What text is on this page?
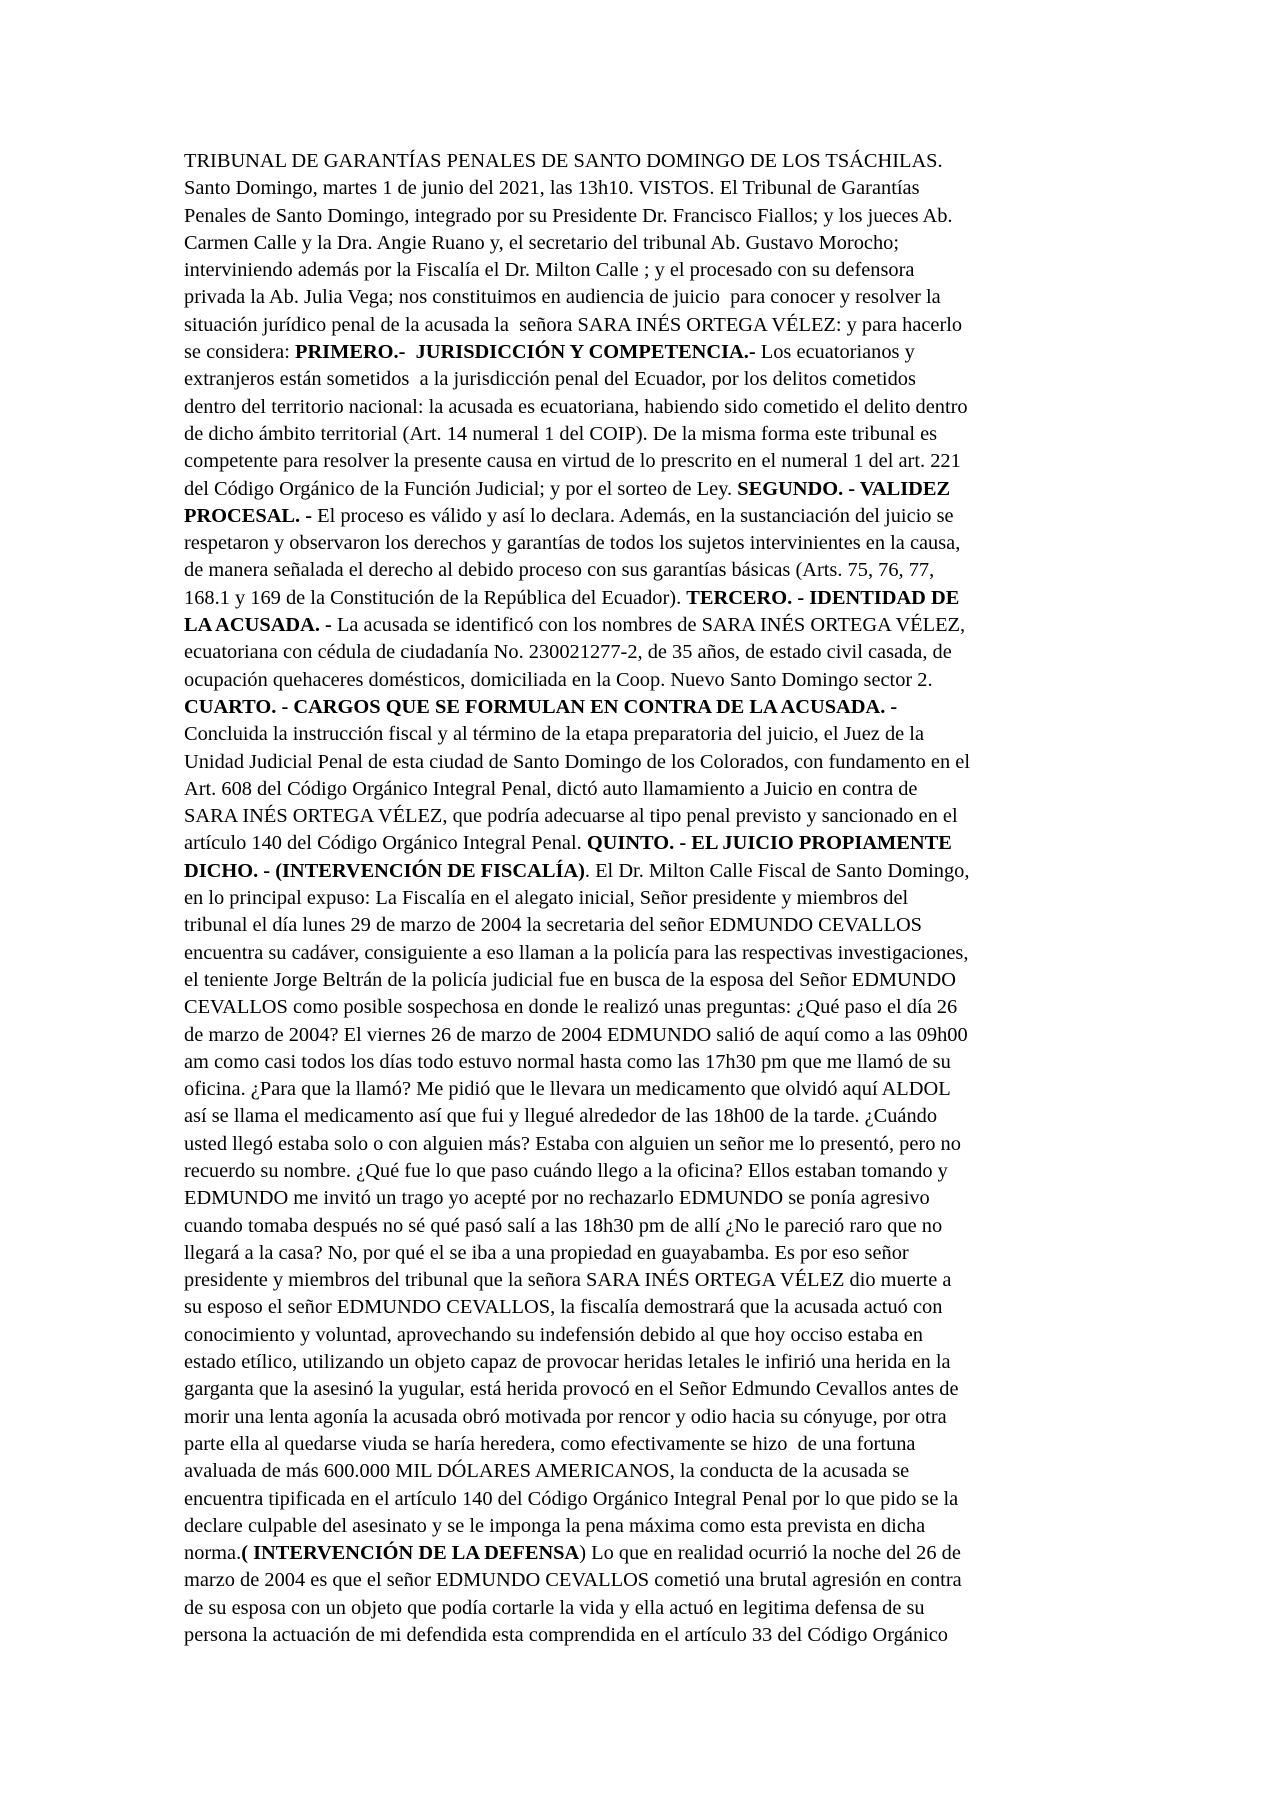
TRIBUNAL DE GARANTÍAS PENALES DE SANTO DOMINGO DE LOS TSÁCHILAS.
Santo Domingo, martes 1 de junio del 2021, las 13h10. VISTOS. El Tribunal de Garantías
Penales de Santo Domingo, integrado por su Presidente Dr. Francisco Fiallos; y los jueces Ab.
Carmen Calle y la Dra. Angie Ruano y, el secretario del tribunal Ab. Gustavo Morocho;
interviniendo además por la Fiscalía el Dr. Milton Calle ; y el procesado con su defensora
privada la Ab. Julia Vega; nos constituimos en audiencia de juicio  para conocer y resolver la
situación jurídico penal de la acusada la  señora SARA INÉS ORTEGA VÉLEZ: y para hacerlo
se considera: PRIMERO.-  JURISDICCIÓN Y COMPETENCIA.- Los ecuatorianos y
extranjeros están sometidos  a la jurisdicción penal del Ecuador, por los delitos cometidos
dentro del territorio nacional: la acusada es ecuatoriana, habiendo sido cometido el delito dentro
de dicho ámbito territorial (Art. 14 numeral 1 del COIP). De la misma forma este tribunal es
competente para resolver la presente causa en virtud de lo prescrito en el numeral 1 del art. 221
del Código Orgánico de la Función Judicial; y por el sorteo de Ley. SEGUNDO. - VALIDEZ
PROCESAL. - El proceso es válido y así lo declara. Además, en la sustanciación del juicio se
respetaron y observaron los derechos y garantías de todos los sujetos intervinientes en la causa,
de manera señalada el derecho al debido proceso con sus garantías básicas (Arts. 75, 76, 77,
168.1 y 169 de la Constitución de la República del Ecuador). TERCERO. - IDENTIDAD DE
LA ACUSADA. - La acusada se identificó con los nombres de SARA INÉS ORTEGA VÉLEZ,
ecuatoriana con cédula de ciudadanía No. 230021277-2, de 35 años, de estado civil casada, de
ocupación quehaceres domésticos, domiciliada en la Coop. Nuevo Santo Domingo sector 2.
CUARTO. - CARGOS QUE SE FORMULAN EN CONTRA DE LA ACUSADA. -
Concluida la instrucción fiscal y al término de la etapa preparatoria del juicio, el Juez de la
Unidad Judicial Penal de esta ciudad de Santo Domingo de los Colorados, con fundamento en el
Art. 608 del Código Orgánico Integral Penal, dictó auto llamamiento a Juicio en contra de
SARA INÉS ORTEGA VÉLEZ, que podría adecuarse al tipo penal previsto y sancionado en el
artículo 140 del Código Orgánico Integral Penal. QUINTO. - EL JUICIO PROPIAMENTE
DICHO. - (INTERVENCIÓN DE FISCALÍA). El Dr. Milton Calle Fiscal de Santo Domingo,
en lo principal expuso: La Fiscalía en el alegato inicial, Señor presidente y miembros del
tribunal el día lunes 29 de marzo de 2004 la secretaria del señor EDMUNDO CEVALLOS
encuentra su cadáver, consiguiente a eso llaman a la policía para las respectivas investigaciones,
el teniente Jorge Beltrán de la policía judicial fue en busca de la esposa del Señor EDMUNDO
CEVALLOS como posible sospechosa en donde le realizó unas preguntas: ¿Qué paso el día 26
de marzo de 2004? El viernes 26 de marzo de 2004 EDMUNDO salió de aquí como a las 09h00
am como casi todos los días todo estuvo normal hasta como las 17h30 pm que me llamó de su
oficina. ¿Para que la llamó? Me pidió que le llevara un medicamento que olvidó aquí ALDOL
así se llama el medicamento así que fui y llegué alrededor de las 18h00 de la tarde. ¿Cuándo
usted llegó estaba solo o con alguien más? Estaba con alguien un señor me lo presentó, pero no
recuerdo su nombre. ¿Qué fue lo que paso cuándo llego a la oficina? Ellos estaban tomando y
EDMUNDO me invitó un trago yo acepté por no rechazarlo EDMUNDO se ponía agresivo
cuando tomaba después no sé qué pasó salí a las 18h30 pm de allí ¿No le pareció raro que no
llegará a la casa? No, por qué el se iba a una propiedad en guayabamba. Es por eso señor
presidente y miembros del tribunal que la señora SARA INÉS ORTEGA VÉLEZ dio muerte a
su esposo el señor EDMUNDO CEVALLOS, la fiscalía demostrará que la acusada actuó con
conocimiento y voluntad, aprovechando su indefensión debido al que hoy occiso estaba en
estado etílico, utilizando un objeto capaz de provocar heridas letales le infirió una herida en la
garganta que la asesinó la yugular, está herida provocó en el Señor Edmundo Cevallos antes de
morir una lenta agonía la acusada obró motivada por rencor y odio hacia su cónyuge, por otra
parte ella al quedarse viuda se haría heredera, como efectivamente se hizo  de una fortuna
avaluada de más 600.000 MIL DÓLARES AMERICANOS, la conducta de la acusada se
encuentra tipificada en el artículo 140 del Código Orgánico Integral Penal por lo que pido se la
declare culpable del asesinato y se le imponga la pena máxima como esta prevista en dicha
norma.( INTERVENCIÓN DE LA DEFENSA) Lo que en realidad ocurrió la noche del 26 de
marzo de 2004 es que el señor EDMUNDO CEVALLOS cometió una brutal agresión en contra
de su esposa con un objeto que podía cortarle la vida y ella actuó en legitima defensa de su
persona la actuación de mi defendida esta comprendida en el artículo 33 del Código Orgánico
